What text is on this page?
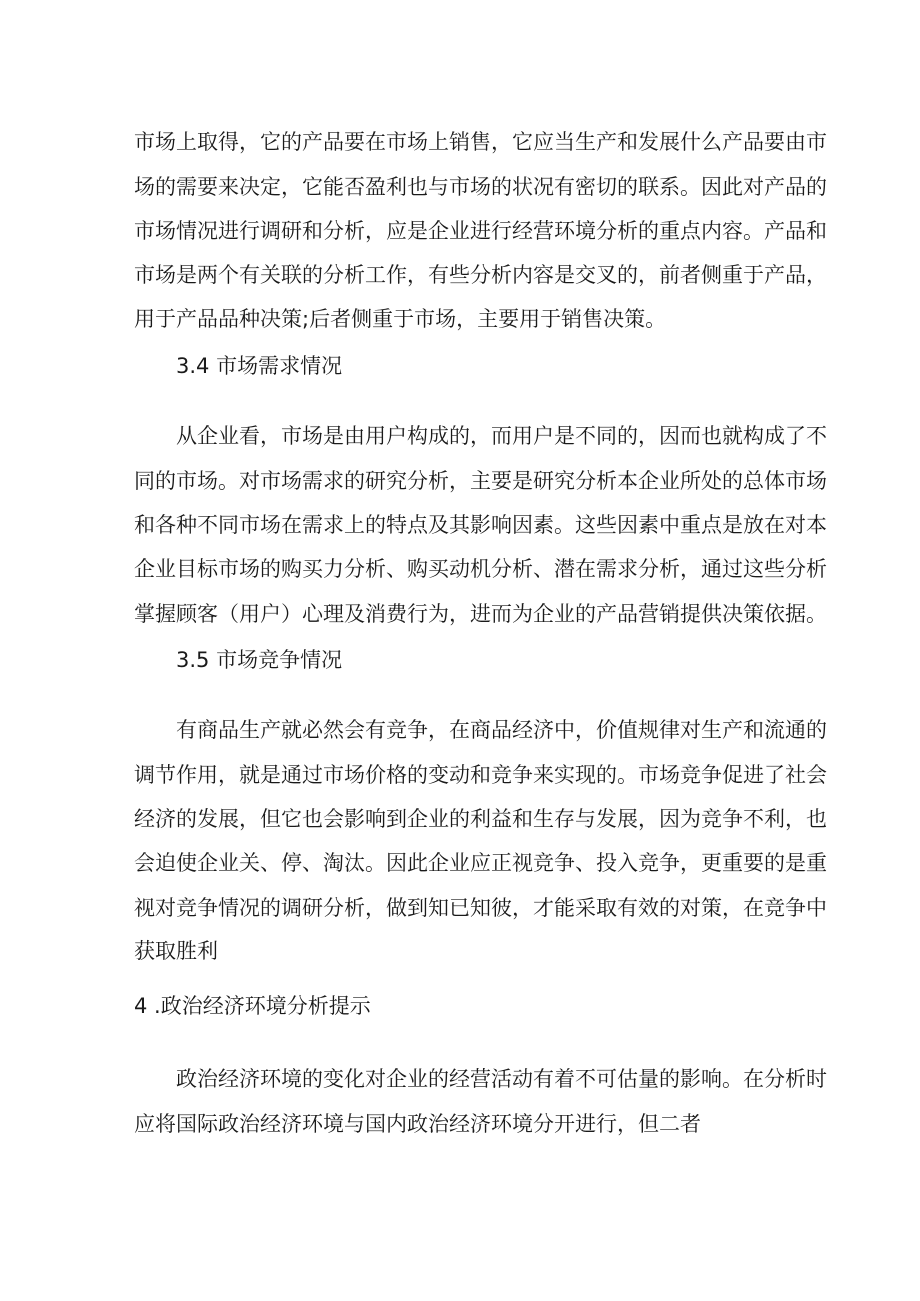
市场上取得，它的产品要在市场上销售，它应当生产和发展什么产品要由市
场的需要来决定，它能否盈利也与市场的状况有密切的联系。因此对产品的
市场情况进行调研和分析，应是企业进行经营环境分析的重点内容。产品和
市场是两个有关联的分析工作，有些分析内容是交叉的，前者侧重于产品，
用于产品品种决策;后者侧重于市场，主要用于销售决策。
3.4 市场需求情况
从企业看，市场是由用户构成的，而用户是不同的，因而也就构成了不
同的市场。对市场需求的研究分析，主要是研究分析本企业所处的总体市场
和各种不同市场在需求上的特点及其影响因素。这些因素中重点是放在对本
企业目标市场的购买力分析、购买动机分析、潜在需求分析，通过这些分析
掌握顾客（用户）心理及消费行为，进而为企业的产品营销提供决策依据。
3.5 市场竞争情况
有商品生产就必然会有竞争，在商品经济中，价值规律对生产和流通的
调节作用，就是通过市场价格的变动和竞争来实现的。市场竞争促进了社会
经济的发展，但它也会影响到企业的利益和生存与发展，因为竞争不利，也
会迫使企业关、停、淘汰。因此企业应正视竞争、投入竞争，更重要的是重
视对竞争情况的调研分析，做到知已知彼，才能采取有效的对策，在竞争中
获取胜利
4 .政治经济环境分析提示
政治经济环境的变化对企业的经营活动有着不可估量的影响。在分析时
应将国际政治经济环境与国内政治经济环境分开进行，但二者
